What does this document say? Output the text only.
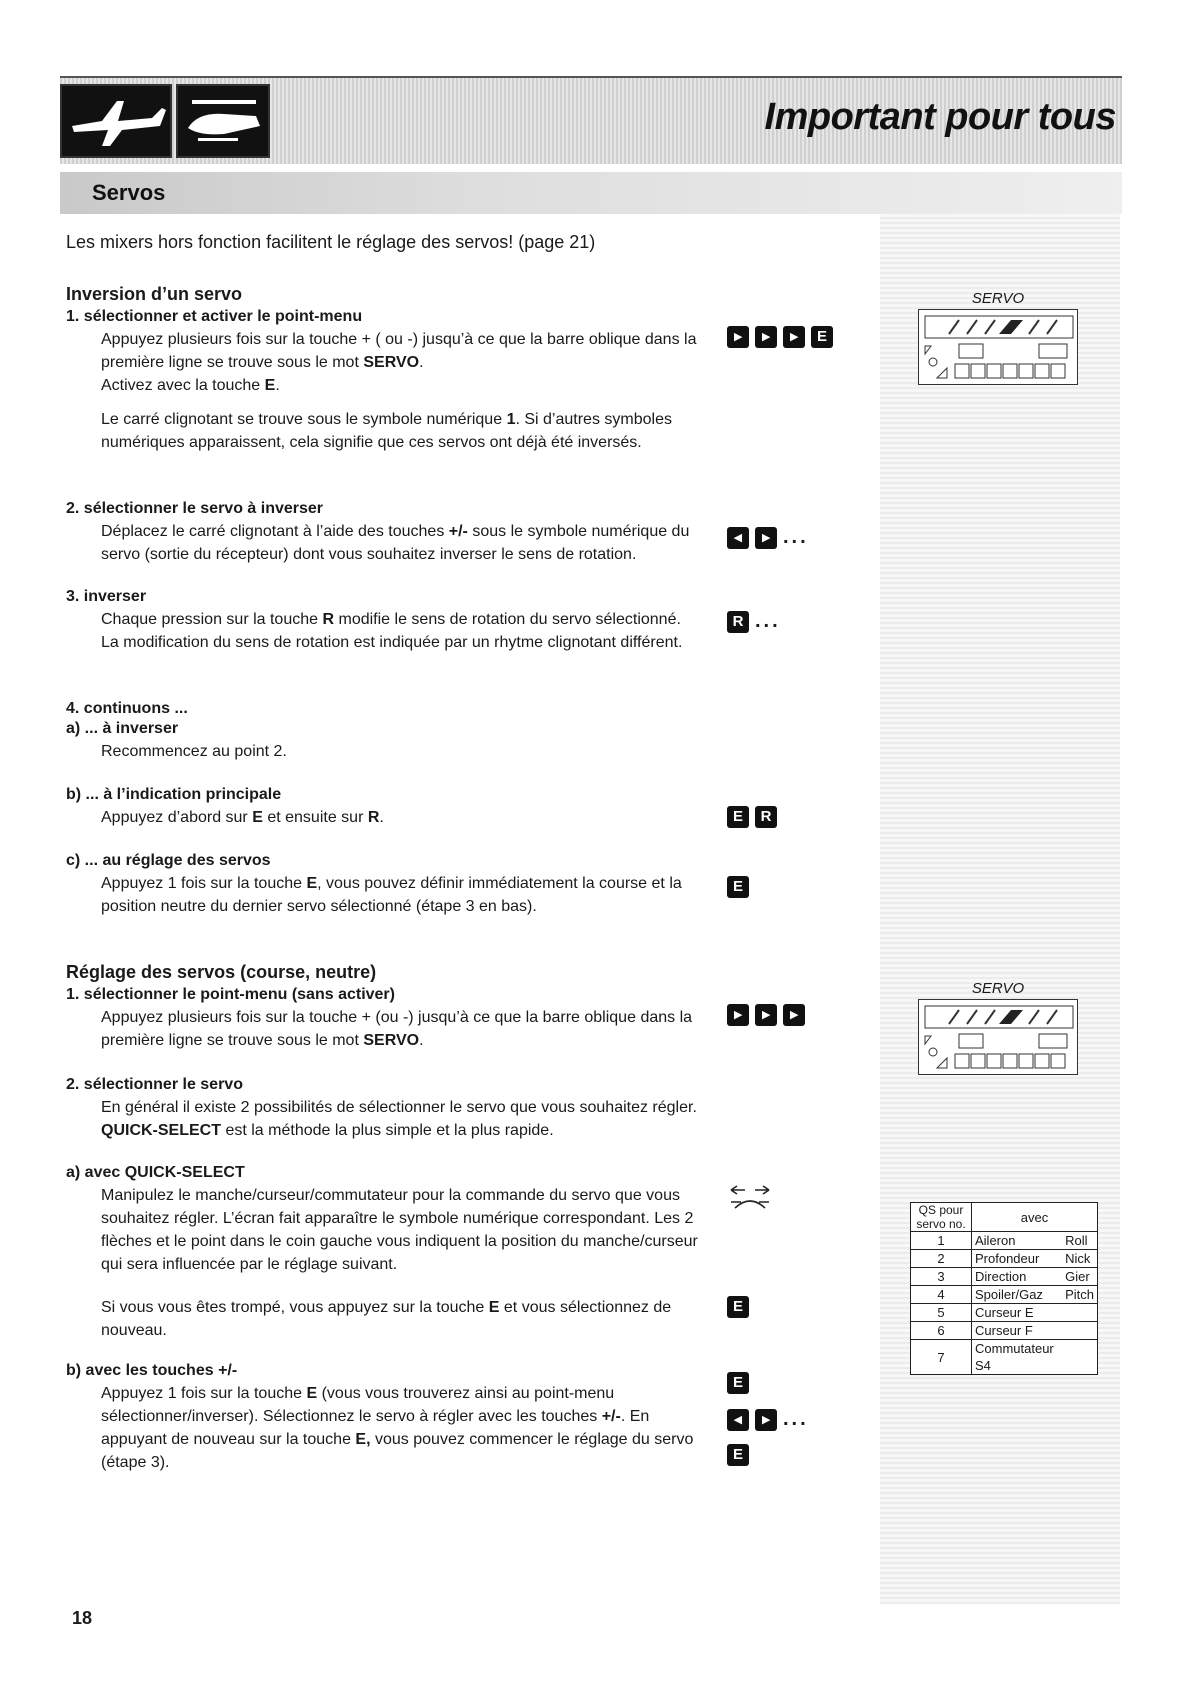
Important pour tous
Servos
Les mixers hors fonction facilitent le réglage des servos! (page 21)
Inversion d’un servo
1. sélectionner et activer le point-menu
Appuyez plusieurs fois sur la touche + ( ou -) jusqu’à ce que la barre oblique dans la première ligne se trouve sous le mot SERVO.
Activez avec la touche E.
Le carré clignotant se trouve sous le symbole numérique 1. Si d’autres symboles numériques apparaissent, cela signifie que ces servos ont déjà été inversés.
2. sélectionner le servo à inverser
Déplacez le carré clignotant à l’aide des touches +/- sous le symbole numérique du servo (sortie du récepteur) dont vous souhaitez inverser le sens de rotation.
3. inverser
Chaque pression sur la touche R modifie le sens de rotation du servo sélectionné. La modification du sens de rotation est indiquée par un rhytme clignotant différent.
4. continuons ...
a) ... à inverser
Recommencez au point 2.
b) ... à l’indication principale
Appuyez d’abord sur E et ensuite sur R.
c) ... au réglage des servos
Appuyez 1 fois sur la touche E, vous pouvez définir immédiatement la course et la position neutre du dernier servo sélectionné (étape 3 en bas).
Réglage des servos (course, neutre)
1. sélectionner le point-menu (sans activer)
Appuyez plusieurs fois sur la touche + (ou -) jusqu’à ce que la barre oblique dans la première ligne se trouve sous le mot SERVO.
2. sélectionner le servo
En général il existe 2 possibilités de sélectionner le servo que vous souhaitez régler. QUICK-SELECT est la méthode la plus simple et la plus rapide.
a) avec QUICK-SELECT
Manipulez le manche/curseur/commutateur pour la commande du servo que vous souhaitez régler. L’écran fait apparaître le symbole numérique correspondant. Les 2 flèches et le point dans le coin gauche vous indiquent la position du manche/curseur qui sera influencée par le réglage suivant.
Si vous vous êtes trompé, vous appuyez sur la touche E et vous sélectionnez de nouveau.
b) avec les touches +/-
Appuyez 1 fois sur la touche E (vous vous trouverez ainsi au point-menu sélectionner/inverser). Sélectionnez le servo à régler avec les touches +/-. En appuyant de nouveau sur la touche E, vous pouvez commencer le réglage du servo (étape 3).
▸ ▸ ▸ E
◂ ▸ ...
R ...
E R
E
▸ ▸ ▸
E
E
◂ ▸ ...
E
SERVO
SERVO
QS pour servo no.	avec	
1	Aileron	Roll
2	Profondeur	Nick
3	Direction	Gier
4	Spoiler/Gaz	Pitch
5	Curseur E	
6	Curseur F	
7	Commutateur S4	
18
